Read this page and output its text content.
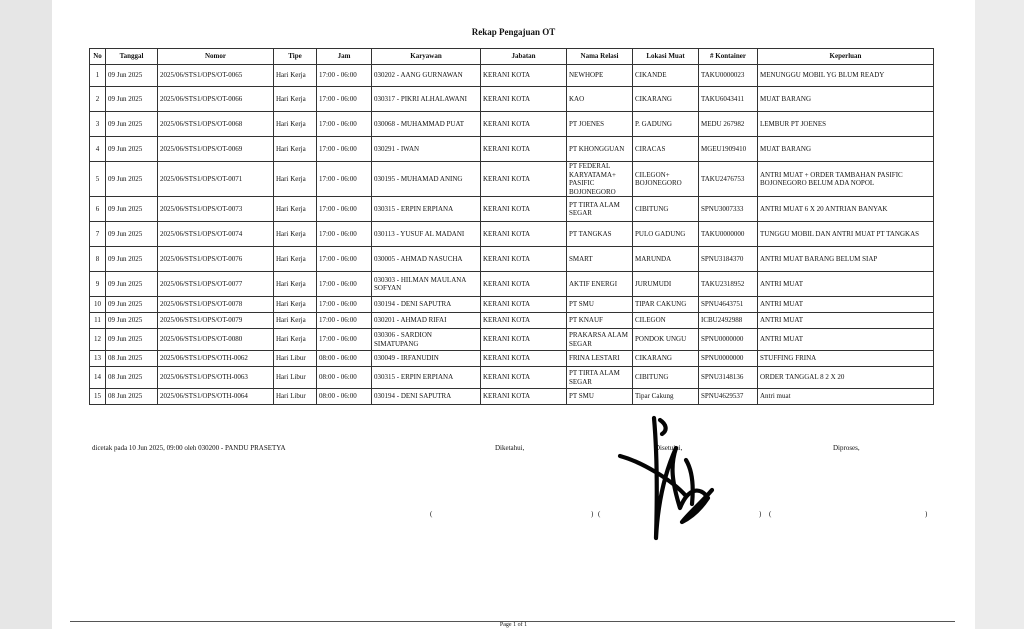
Rekap Pengajuan OT
No	Tanggal	Nomor	Tipe	Jam	Karyawan	Jabatan	Nama Relasi	Lokasi Muat	# Kontainer	Keperluan
1	09 Jun 2025	2025/06/STS1/OPS/OT-0065	Hari Kerja	17:00 - 06:00	030202 - AANG GURNAWAN	KERANI KOTA	NEWHOPE	CIKANDE	TAKU0000023	MENUNGGU MOBIL YG BLUM READY
2	09 Jun 2025	2025/06/STS1/OPS/OT-0066	Hari Kerja	17:00 - 06:00	030317 - PIKRI ALHALAWANI	KERANI KOTA	KAO	CIKARANG	TAKU6043411	MUAT BARANG
3	09 Jun 2025	2025/06/STS1/OPS/OT-0068	Hari Kerja	17:00 - 06:00	030068 - MUHAMMAD PUAT	KERANI KOTA	PT JOENES	P. GADUNG	MEDU 267982	LEMBUR PT JOENES
4	09 Jun 2025	2025/06/STS1/OPS/OT-0069	Hari Kerja	17:00 - 06:00	030291 - IWAN	KERANI KOTA	PT KHONGGUAN	CIRACAS	MGEU1909410	MUAT BARANG
5	09 Jun 2025	2025/06/STS1/OPS/OT-0071	Hari Kerja	17:00 - 06:00	030195 - MUHAMAD ANING	KERANI KOTA	PT FEDERAL KARYATAMA+ PASIFIC BOJONEGORO	CILEGON+ BOJONEGORO	TAKU2476753	ANTRI MUAT + ORDER TAMBAHAN PASIFIC BOJONEGORO BELUM ADA NOPOL
6	09 Jun 2025	2025/06/STS1/OPS/OT-0073	Hari Kerja	17:00 - 06:00	030315 - ERPIN ERPIANA	KERANI KOTA	PT TIRTA ALAM SEGAR	CIBITUNG	SPNU3007333	ANTRI MUAT 6 X 20 ANTRIAN BANYAK
7	09 Jun 2025	2025/06/STS1/OPS/OT-0074	Hari Kerja	17:00 - 06:00	030113 - YUSUF AL MADANI	KERANI KOTA	PT TANGKAS	PULO GADUNG	TAKU0000000	TUNGGU MOBIL DAN ANTRI MUAT PT TANGKAS
8	09 Jun 2025	2025/06/STS1/OPS/OT-0076	Hari Kerja	17:00 - 06:00	030005 - AHMAD NASUCHA	KERANI KOTA	SMART	MARUNDA	SPNU3184370	ANTRI MUAT BARANG BELUM SIAP
9	09 Jun 2025	2025/06/STS1/OPS/OT-0077	Hari Kerja	17:00 - 06:00	030303 - HILMAN MAULANA SOFYAN	KERANI KOTA	AKTIF ENERGI	JURUMUDI	TAKU2318952	ANTRI MUAT
10	09 Jun 2025	2025/06/STS1/OPS/OT-0078	Hari Kerja	17:00 - 06:00	030194 - DENI SAPUTRA	KERANI KOTA	PT SMU	TIPAR CAKUNG	SPNU4643751	ANTRI MUAT
11	09 Jun 2025	2025/06/STS1/OPS/OT-0079	Hari Kerja	17:00 - 06:00	030201 - AHMAD RIFAI	KERANI KOTA	PT KNAUF	CILEGON	ICBU2492988	ANTRI MUAT
12	09 Jun 2025	2025/06/STS1/OPS/OT-0080	Hari Kerja	17:00 - 06:00	030306 - SARDION SIMATUPANG	KERANI KOTA	PRAKARSA ALAM SEGAR	PONDOK UNGU	SPNU0000000	ANTRI MUAT
13	08 Jun 2025	2025/06/STS1/OPS/OTH-0062	Hari Libur	08:00 - 06:00	030049 - IRFANUDIN	KERANI KOTA	FRINA LESTARI	CIKARANG	SPNU0000000	STUFFING FRINA
14	08 Jun 2025	2025/06/STS1/OPS/OTH-0063	Hari Libur	08:00 - 06:00	030315 - ERPIN ERPIANA	KERANI KOTA	PT TIRTA ALAM SEGAR	CIBITUNG	SPNU3148136	ORDER TANGGAL 8 2 X 20
15	08 Jun 2025	2025/06/STS1/OPS/OTH-0064	Hari Libur	08:00 - 06:00	030194 - DENI SAPUTRA	KERANI KOTA	PT SMU	Tipar Cakung	SPNU4629537	Antri muat
dicetak pada 10 Jun 2025, 09:00 oleh 030200 - PANDU PRASETYA	Diketahui,	Disetujui,	Diproses,
(	) (	) (	)
Page 1 of 1
